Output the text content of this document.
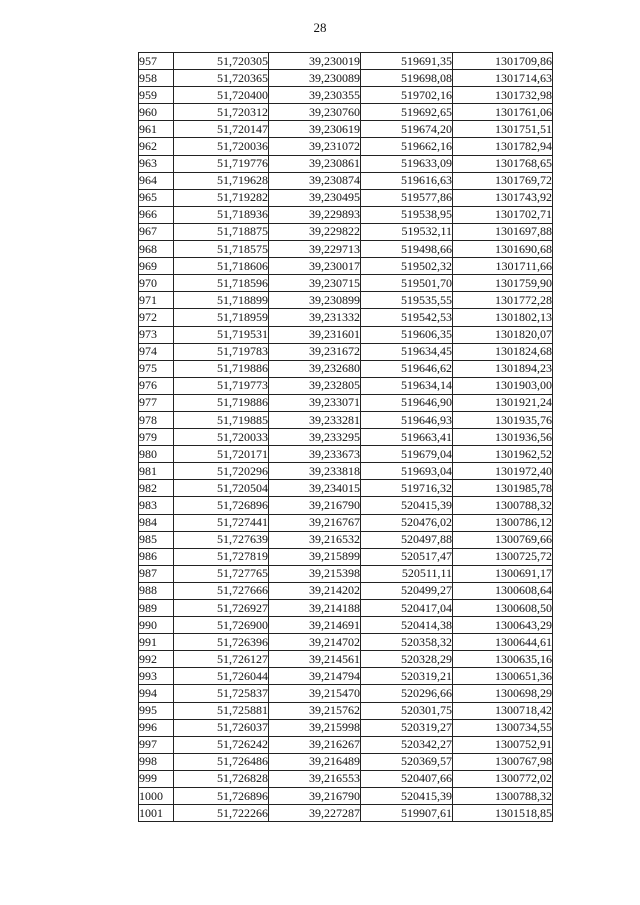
28
957	51,720305	39,230019	519691,35	1301709,86
958	51,720365	39,230089	519698,08	1301714,63
959	51,720400	39,230355	519702,16	1301732,98
960	51,720312	39,230760	519692,65	1301761,06
961	51,720147	39,230619	519674,20	1301751,51
962	51,720036	39,231072	519662,16	1301782,94
963	51,719776	39,230861	519633,09	1301768,65
964	51,719628	39,230874	519616,63	1301769,72
965	51,719282	39,230495	519577,86	1301743,92
966	51,718936	39,229893	519538,95	1301702,71
967	51,718875	39,229822	519532,11	1301697,88
968	51,718575	39,229713	519498,66	1301690,68
969	51,718606	39,230017	519502,32	1301711,66
970	51,718596	39,230715	519501,70	1301759,90
971	51,718899	39,230899	519535,55	1301772,28
972	51,718959	39,231332	519542,53	1301802,13
973	51,719531	39,231601	519606,35	1301820,07
974	51,719783	39,231672	519634,45	1301824,68
975	51,719886	39,232680	519646,62	1301894,23
976	51,719773	39,232805	519634,14	1301903,00
977	51,719886	39,233071	519646,90	1301921,24
978	51,719885	39,233281	519646,93	1301935,76
979	51,720033	39,233295	519663,41	1301936,56
980	51,720171	39,233673	519679,04	1301962,52
981	51,720296	39,233818	519693,04	1301972,40
982	51,720504	39,234015	519716,32	1301985,78
983	51,726896	39,216790	520415,39	1300788,32
984	51,727441	39,216767	520476,02	1300786,12
985	51,727639	39,216532	520497,88	1300769,66
986	51,727819	39,215899	520517,47	1300725,72
987	51,727765	39,215398	520511,11	1300691,17
988	51,727666	39,214202	520499,27	1300608,64
989	51,726927	39,214188	520417,04	1300608,50
990	51,726900	39,214691	520414,38	1300643,29
991	51,726396	39,214702	520358,32	1300644,61
992	51,726127	39,214561	520328,29	1300635,16
993	51,726044	39,214794	520319,21	1300651,36
994	51,725837	39,215470	520296,66	1300698,29
995	51,725881	39,215762	520301,75	1300718,42
996	51,726037	39,215998	520319,27	1300734,55
997	51,726242	39,216267	520342,27	1300752,91
998	51,726486	39,216489	520369,57	1300767,98
999	51,726828	39,216553	520407,66	1300772,02
1000	51,726896	39,216790	520415,39	1300788,32
1001	51,722266	39,227287	519907,61	1301518,85
